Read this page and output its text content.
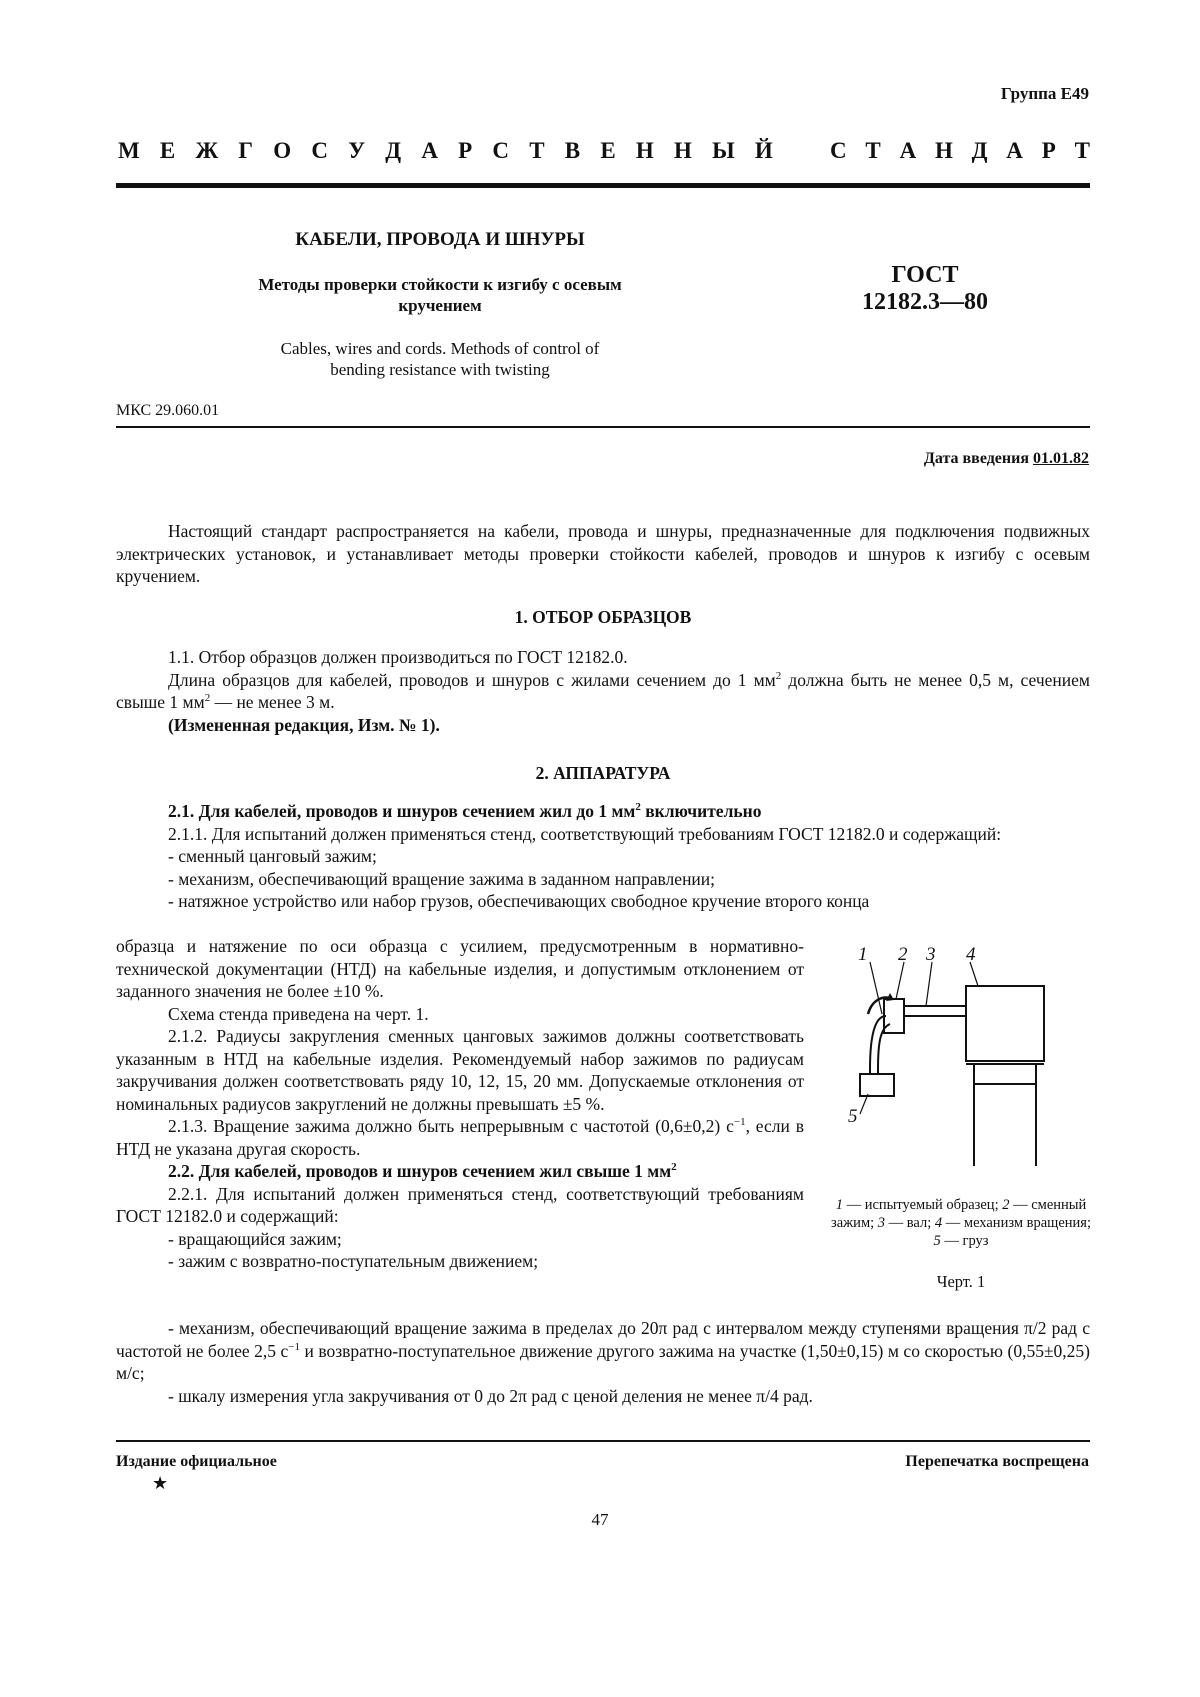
Группа Е49
М Е Ж Г О С У Д А Р С Т В Е Н Н Ы Й С Т А Н Д А Р Т
КАБЕЛИ, ПРОВОДА И ШНУРЫ
Методы проверки стойкости к изгибу с осевым
кручением
Cables, wires and cords. Methods of control of
bending resistance with twisting
ГОСТ
12182.3—80
МКС 29.060.01
Дата введения 01.01.82

Настоящий стандарт распространяется на кабели, провода и шнуры, предназначенные для подключения подвижных электрических установок, и устанавливает методы проверки стойкости кабелей, проводов и шнуров к изгибу с осевым кручением.

1. ОТБОР ОБРАЗЦОВ

1.1. Отбор образцов должен производиться по ГОСТ 12182.0.

Длина образцов для кабелей, проводов и шнуров с жилами сечением до 1 $мм^2$ должна быть не менее 0,5 м, сечением свыше 1 $мм^2$ — не менее 3 м.

(Измененная редакция, Изм. № 1).

2. АППАРАТУРА

2.1. Для кабелей, проводов и шнуров сечением жил до 1 $мм^2$ включительно

2.1.1. Для испытаний должен применяться стенд, соответствующий требованиям ГОСТ 12182.0 и содержащий:

- сменный цанговый зажим;

- механизм, обеспечивающий вращение зажима в заданном направлении;

- натяжное устройство или набор грузов, обеспечивающих свободное кручение второго конца

образца и натяжение по оси образца с усилием, предусмотренным в нормативно-технической документации (НТД) на кабельные изделия, и допустимым отклонением от заданного значения не более ±10 %.

Схема стенда приведена на черт. 1.

2.1.2. Радиусы закругления сменных цанговых зажимов должны соответствовать указанным в НТД на кабельные изделия. Рекомендуемый набор зажимов по радиусам закручивания должен соответствовать ряду 10, 12, 15, 20 мм. Допускаемые отклонения от номинальных радиусов закруглений не должны превышать ±5 %.

2.1.3. Вращение зажима должно быть непрерывным с частотой (0,6±0,2) $с^{-1}$, если в НТД не указана другая скорость.

2.2. Для кабелей, проводов и шнуров сечением жил свыше 1 $мм^2$

2.2.1. Для испытаний должен применяться стенд, соответствующий требованиям ГОСТ 12182.0 и содержащий:

- вращающийся зажим;

- зажим с возвратно-поступательным движением;

- механизм, обеспечивающий вращение зажима в пределах до 20π рад с интервалом между ступенями вращения π/2 рад с частотой не более 2,5 $с^{-1}$ и возвратно-поступательное движение другого зажима на участке (1,50±0,15) м со скоростью (0,55±0,25) м/с;

- шкалу измерения угла закручивания от 0 до 2π рад с ценой деления не менее π/4 рад.

1 2 3 4
5
1 — испытуемый образец; 2 — сменный зажим; 3 — вал; 4 — механизм вращения; 5 — груз
Черт. 1
Издание официальное
★
Перепечатка воспрещена
47
